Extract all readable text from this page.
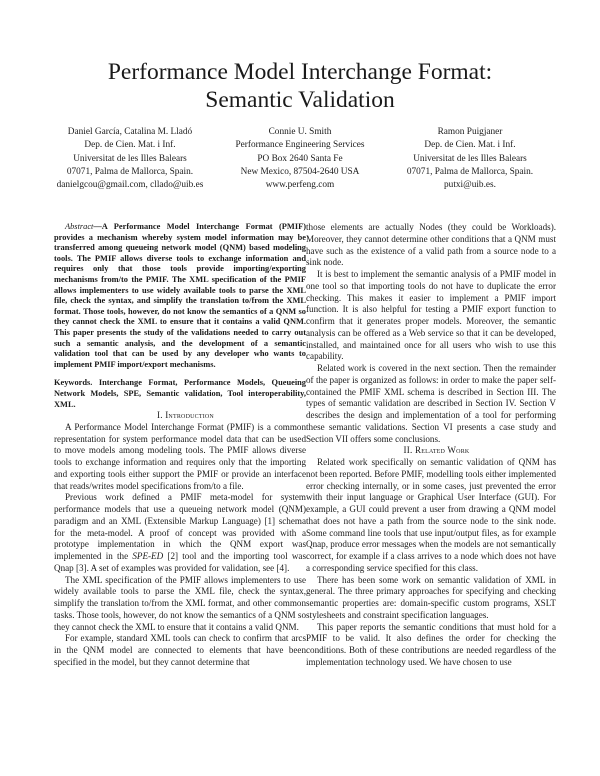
Performance Model Interchange Format:
Semantic Validation
Daniel García, Catalina M. Lladó
Dep. de Cien. Mat. i Inf.
Universitat de les Illes Balears
07071, Palma de Mallorca, Spain.
danielgcou@gmail.com, cllado@uib.es
Connie U. Smith
Performance Engineering Services
PO Box 2640 Santa Fe
New Mexico, 87504-2640 USA
www.perfeng.com
Ramon Puigjaner
Dep. de Cien. Mat. i Inf.
Universitat de les Illes Balears
07071, Palma de Mallorca, Spain.
putxi@uib.es.

Abstract—A Performance Model Interchange Format (PMIF) provides a mechanism whereby system model information may be transferred among queueing network model (QNM) based modeling tools. The PMIF allows diverse tools to exchange information and requires only that those tools provide importing/exporting mechanisms from/to the PMIF. The XML specification of the PMIF allows implementers to use widely available tools to parse the XML file, check the syntax, and simplify the translation to/from the XML format. Those tools, however, do not know the semantics of a QNM so they cannot check the XML to ensure that it contains a valid QNM. This paper presents the study of the validations needed to carry out such a semantic analysis, and the development of a semantic validation tool that can be used by any developer who wants to implement PMIF import/export mechanisms.

Keywords. Interchange Format, Performance Models, Queueing Network Models, SPE, Semantic validation, Tool interoperability, XML.

I. Introduction

A Performance Model Interchange Format (PMIF) is a common representation for system performance model data that can be used to move models among modeling tools. The PMIF allows diverse tools to exchange information and requires only that the importing and exporting tools either support the PMIF or provide an interface that reads/writes model specifications from/to a file.

Previous work defined a PMIF meta-model for system performance models that use a queueing network model (QNM) paradigm and an XML (Extensible Markup Language) [1] schema for the meta-model. A proof of concept was provided with a prototype implementation in which the QNM export was implemented in the SPE-ED [2] tool and the importing tool was Qnap [3]. A set of examples was provided for validation, see [4].

The XML specification of the PMIF allows implementers to use widely available tools to parse the XML file, check the syntax, simplify the translation to/from the XML format, and other common tasks. Those tools, however, do not know the semantics of a QNM so they cannot check the XML to ensure that it contains a valid QNM.

For example, standard XML tools can check to confirm that arcs in the QNM model are connected to elements that have been specified in the model, but they cannot determine that

those elements are actually Nodes (they could be Workloads). Moreover, they cannot determine other conditions that a QNM must have such as the existence of a valid path from a source node to a sink node.

It is best to implement the semantic analysis of a PMIF model in one tool so that importing tools do not have to duplicate the error checking. This makes it easier to implement a PMIF import function. It is also helpful for testing a PMIF export function to confirm that it generates proper models. Moreover, the semantic analysis can be offered as a Web service so that it can be developed, installed, and maintained once for all users who wish to use this capability.

Related work is covered in the next section. Then the remainder of the paper is organized as follows: in order to make the paper self-contained the PMIF XML schema is described in Section III. The types of semantic validation are described in Section IV. Section V describes the design and implementation of a tool for performing these semantic validations. Section VI presents a case study and Section VII offers some conclusions.

II. Related Work

Related work specifically on semantic validation of QNM has not been reported. Before PMIF, modelling tools either implemented error checking internally, or in some cases, just prevented the error with their input language or Graphical User Interface (GUI). For example, a GUI could prevent a user from drawing a QNM model that does not have a path from the source node to the sink node. Some command line tools that use input/output files, as for example Qnap, produce error messages when the models are not semantically correct, for example if a class arrives to a node which does not have a corresponding service specified for this class.

There has been some work on semantic validation of XML in general. The three primary approaches for specifying and checking semantic properties are: domain-specific custom programs, XSLT stylesheets and constraint specification languages.

This paper reports the semantic conditions that must hold for a PMIF to be valid. It also defines the order for checking the conditions. Both of these contributions are needed regardless of the implementation technology used. We have chosen to use
